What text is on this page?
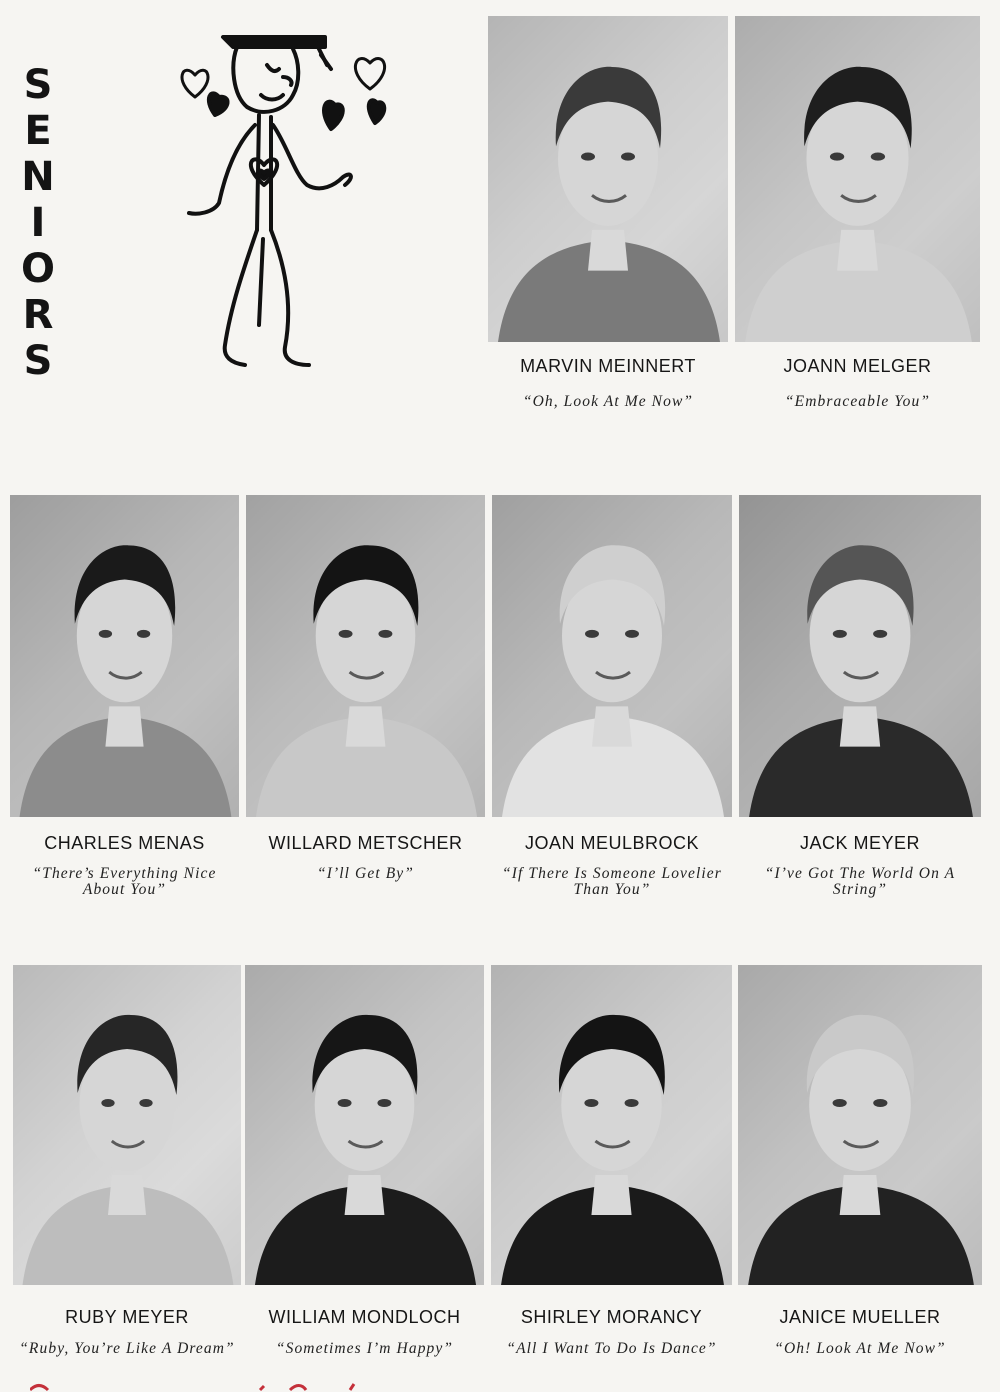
S
E
N
I
O
R
S	MARVIN MEINNERT
“Oh, Look At Me Now”
JOANN MELGER
“Embraceable You”
CHARLES MENAS
“There’s Everything Nice About You”
WILLARD METSCHER
“I’ll Get By”
JOAN MEULBROCK
“If There Is Someone Lovelier Than You”
JACK MEYER
“I’ve Got The World On A String”
RUBY MEYER
“Ruby, You’re Like A Dream”
WILLIAM MONDLOCH
“Sometimes I’m Happy”
SHIRLEY MORANCY
“All I Want To Do Is Dance”
JANICE MUELLER
“Oh! Look At Me Now”
